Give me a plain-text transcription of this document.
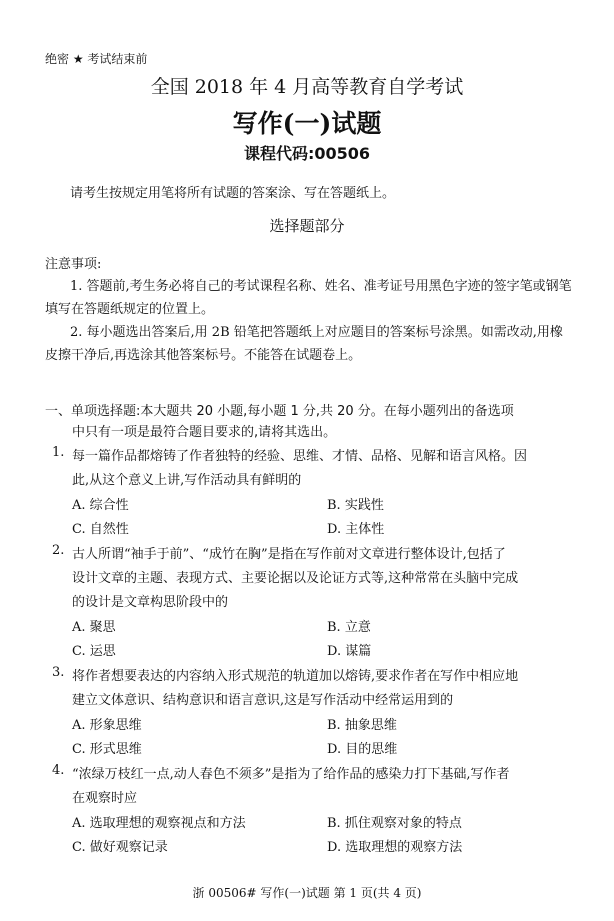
绝密 ★ 考试结束前
全国 2018 年 4 月高等教育自学考试
写作(一)试题
课程代码:00506
请考生按规定用笔将所有试题的答案涂、写在答题纸上。
选择题部分
注意事项:
1. 答题前,考生务必将自己的考试课程名称、姓名、准考证号用黑色字迹的签字笔或钢笔
填写在答题纸规定的位置上。
2. 每小题选出答案后,用 2B 铅笔把答题纸上对应题目的答案标号涂黑。如需改动,用橡
皮擦干净后,再选涂其他答案标号。不能答在试题卷上。
一、单项选择题:本大题共 20 小题,每小题 1 分,共 20 分。在每小题列出的备选项
中只有一项是最符合题目要求的,请将其选出。
1. 每一篇作品都熔铸了作者独特的经验、思维、才情、品格、见解和语言风格。因
此,从这个意义上讲,写作活动具有鲜明的
A. 综合性	B. 实践性
C. 自然性	D. 主体性
2. 古人所谓“袖手于前”、“成竹在胸”是指在写作前对文章进行整体设计,包括了
设计文章的主题、表现方式、主要论据以及论证方式等,这种常常在头脑中完成
的设计是文章构思阶段中的
A. 聚思	B. 立意
C. 运思	D. 谋篇
3. 将作者想要表达的内容纳入形式规范的轨道加以熔铸,要求作者在写作中相应地
建立文体意识、结构意识和语言意识,这是写作活动中经常运用到的
A. 形象思维	B. 抽象思维
C. 形式思维	D. 目的思维
4. “浓绿万枝红一点,动人春色不须多”是指为了给作品的感染力打下基础,写作者
在观察时应
A. 选取理想的观察视点和方法	B. 抓住观察对象的特点
C. 做好观察记录	D. 选取理想的观察方法
浙 00506# 写作(一)试题 第 1 页(共 4 页)
